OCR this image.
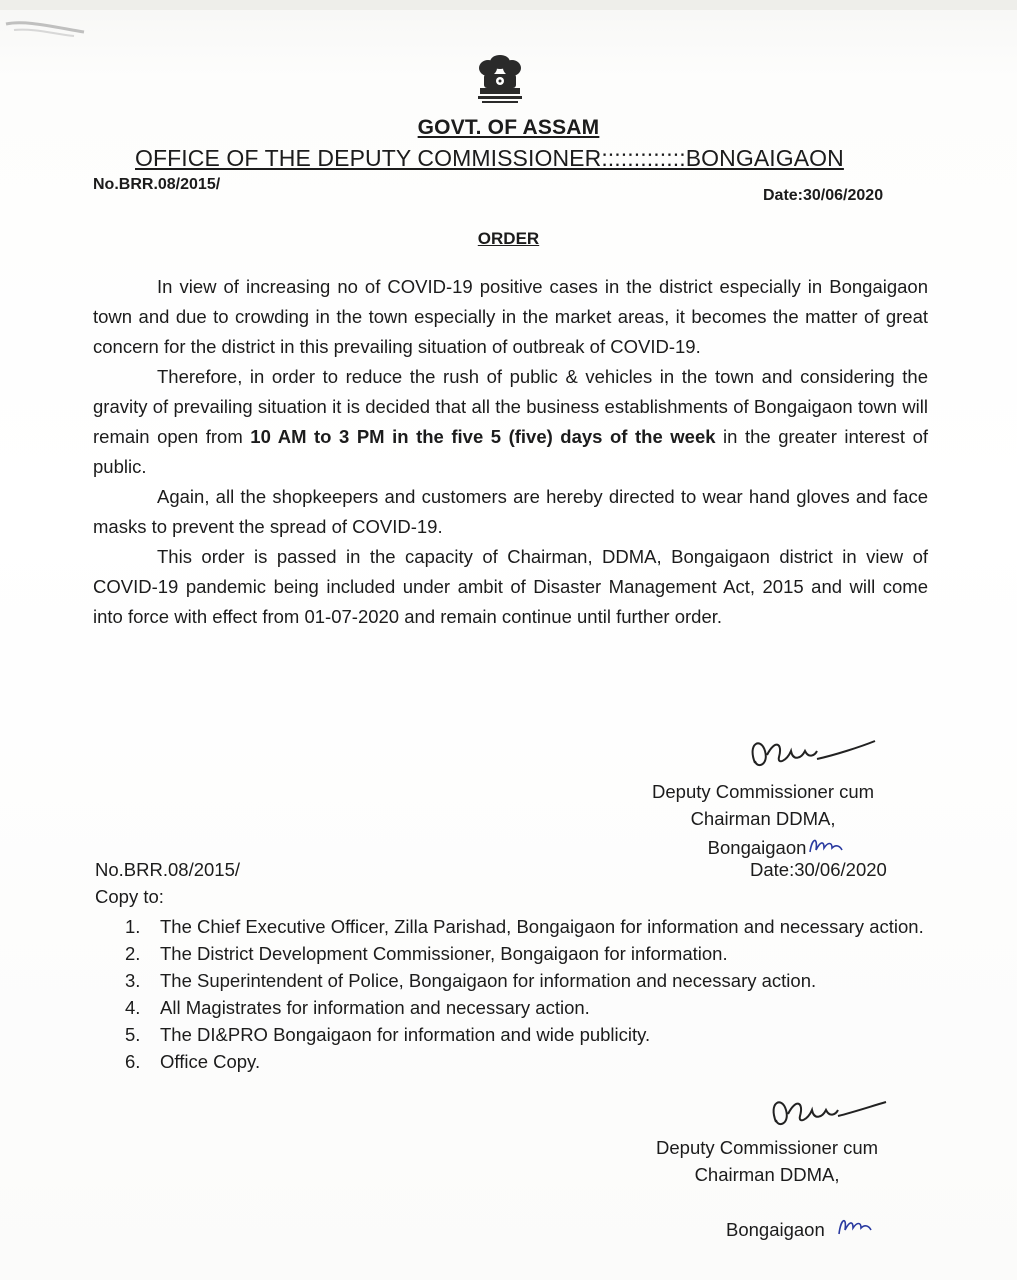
GOVT. OF ASSAM
OFFICE OF THE DEPUTY COMMISSIONER:::::::::::::BONGAIGAON
No.BRR.08/2015/
Date:30/06/2020
ORDER

In view of increasing no of COVID-19 positive cases in the district especially in Bongaigaon town and due to crowding in the town especially in the market areas, it becomes the matter of great concern for the district in this prevailing situation of outbreak of COVID-19.

Therefore, in order to reduce the rush of public & vehicles in the town and considering the gravity of prevailing situation it is decided that all the business establishments of Bongaigaon town will remain open from 10 AM to 3 PM in the five 5 (five) days of the week in the greater interest of public.

Again, all the shopkeepers and customers are hereby directed to wear hand gloves and face masks to prevent the spread of COVID-19.

This order is passed in the capacity of Chairman, DDMA, Bongaigaon district in view of COVID-19 pandemic being included under ambit of Disaster Management Act, 2015 and will come into force with effect from 01-07-2020 and remain continue until further order.

Deputy Commissioner cum
Chairman DDMA,
Bongaigaon
No.BRR.08/2015/	Date:30/06/2020
Copy to:
1. The Chief Executive Officer, Zilla Parishad, Bongaigaon for information and necessary action.
2. The District Development Commissioner, Bongaigaon for information.
3. The Superintendent of Police, Bongaigaon for information and necessary action.
4. All Magistrates for information and necessary action.
5. The DI&PRO Bongaigaon for information and wide publicity.
6. Office Copy.
Deputy Commissioner cum
Chairman DDMA,
Bongaigaon
